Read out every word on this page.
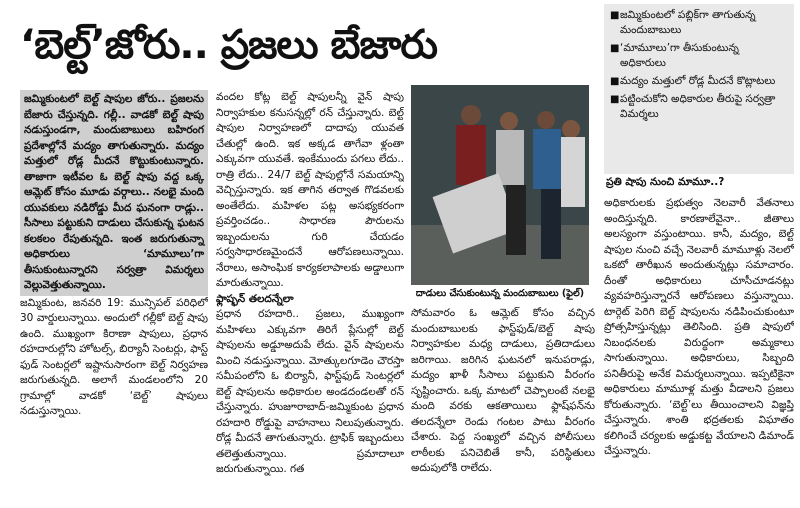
‘బెల్ట్’జోరు.. ప్రజలు బేజారు
■ జమ్మికుంటలో పబ్లిక్‌గా తాగుతున్న మందుబాబులు
■ ‘మామూలు’గా తీసుకుంటున్న అధికారులు
■ మద్యం మత్తులో రోడ్ల మీదనే కొట్లాటలు
■ పట్టించుకోని అధికారుల తీరుపై సర్వత్రా విమర్శలు

జమ్మికుంటలో బెల్ట్ షాపుల జోరు.. ప్రజలను బేజారు చేస్తున్నది. గల్లీ.. వాడకో బెల్ట్ షాపు నడుస్తుండగా, మందుబాబులు బహిరంగ ప్రదేశాల్లోనే మద్యం తాగుతున్నారు. మద్యం మత్తులో రోడ్ల మీదనే కొట్టుకుంటున్నారు. తాజాగా ఇటీవల ఓ బెల్ట్ షాపు వద్ద ఒక్క ఆమ్లెట్ కోసం మూడు వర్గాలు.. నలభై మంది యువకులు నడిరోడ్డు మీద ఘనంగా రాడ్లు.. సీసాలు పట్టుకుని దాడులు చేసుకున్న ఘటన కలకలం రేపుతున్నది. ఇంత జరుగుతున్నా అధికారులు ‘మామూలు’గా తీసుకుంటున్నారని సర్వత్రా విమర్శలు వెల్లువెత్తుతున్నాయి.

జమ్మికుంట, జనవరి 19: మున్సిపల్ పరిధిలో 30 వార్డులున్నాయి. అందులో గల్లీకో బెల్ట్ షాపు ఉంది. ముఖ్యంగా కిరాణా షాపులు, ప్రధాన రహదారుల్లోని హోటల్స్, బిర్యానీ సెంటర్లు, ఫాస్ట్ ఫుడ్ సెంటర్లలో ఇష్టానుసారంగా బెల్ట్ నిర్వహణ జరుగుతున్నది. అలాగే మండలంలోని 20 గ్రామాల్లో వాడకో ‘బెల్ట్’ షాపులు నడుస్తున్నాయి.

వందల కోట్ల బెల్ట్ షాపులన్నీ వైన్ షాపు నిర్వాహకుల కనుసన్నల్లో రన్ చేస్తున్నారు. బెల్ట్ షాపుల నిర్వాహణలో దాదాపు యువత చేతుల్లో ఉంది. ఇక అక్కడ తాగేవా ళ్లంతా ఎక్కువగా యువతే. ఇంకేముందు పగలు లేదు.. రాత్రి లేదు.. 24/7 బెల్ట్ షాపుల్లోనే సమయాన్ని వెచ్చిస్తున్నారు. ఇక తాగిన తర్వాత గొడవలకు అంతేలేదు. మహిళల పట్ల అసభ్యకరంగా ప్రవర్తించడం.. సాధారణ పౌరులను ఇబ్బందులను గురి చేయడం సర్వసాధారణమైందనే ఆరోపణలున్నాయి. నేరాలు, అసాంఘిక కార్యకలాపాలకు అడ్డాలుగా మారుతున్నాయి.

ఫ్లాష్ఫన్ తలదన్నేలా

ప్రధాన రహదారి.. ప్రజలు, ముఖ్యంగా మహిళలు ఎక్కువగా తిరిగే ప్లేసుల్లో బెల్ట్ షాపులను అడ్డూఅదుపే లేదు. వైన్ షాపులను మించి నడుస్తున్నాయి. మోత్కులగూడెం చౌరస్తా సమీపంలోని ఓ బిర్యానీ, ఫాస్ట్‌ఫుడ్ సెంటర్లలో బెల్ట్ షాపులను అధికారుల అండదండలతో రన్ చేస్తున్నారు. హుజూరాబాద్-జమ్మికుంట ప్రధాన రహదారి రోడ్డుపై వాహనాలు నిలుపుతున్నారు. రోడ్ల మీదనే తాగుతున్నారు. ట్రాఫిక్ ఇబ్బందులు తలెత్తుతున్నాయి. ప్రమాదాలూ జరుగుతున్నాయి. గత

దాడులు చేసుకుంటున్న మందుబాబులు (ఫైల్)

సోమవారం ఓ ఆమ్లెట్ కోసం వచ్చిన మందుబాబులకు ఫాస్ట్‌ఫుడ్/బెల్ట్ షాపు నిర్వాహకుల మధ్య దాడులు, ప్రతిదాడులు జరిగాయి. జరిగిన ఘటనలో ఇనుపరాడ్లు, మద్యం ఖాళీ సీసాలు పట్టుకుని వీరంగం సృష్టించారు. ఒక్క మాటలో చెప్పాలంటే నలభై మంది వరకు ఆకతాయిలు ఫ్లాష్‌ఫన్‌ను తలదన్నేలా రెండు గంటల పాటు వీరంగం చేశారు. పెద్ద సంఖ్యలో వచ్చిన పోలీసులు లాఠీలకు పనిచెబితే కానీ, పరిస్థితులు అదుపులోకి రాలేదు.

ప్రతి షాపు నుంచి మామూ..?

అధికారులకు ప్రభుత్వం నెలవారీ వేతనాలు అందిస్తున్నది. కారణాలేవైనా.. జీతాలు అలస్యంగా వస్తుంటాయి. కానీ, మద్యం, బెల్ట్ షాపుల నుంచి వచ్చే నెలవారీ మామూళ్లు నెలలో ఒకటో తారీఖున అందుతున్నట్లు సమాచారం. దీంతో అధికారులు చూసీచూడనట్లు వ్యవహరిస్తున్నారనే ఆరోపణలు వస్తున్నాయి. టార్గెట్ పెరిగి బెల్ట్ షాపులను నడిపించుకుంటూ ప్రోత్సహిస్తున్నట్లు తెలిసింది. ప్రతి షాపులో నిబంధనలకు విరుద్ధంగా అమ్మకాలు సాగుతున్నాయి. అధికారులు, సిబ్బంది పనితీరుపై అనేక విమర్శలున్నాయి. ఇప్పటికైనా అధికారులు మామూళ్ల మత్తు వీడాలని ప్రజలు కోరుతున్నారు. ‘బెల్ట్’లు తీయించాలని విజ్ఞప్తి చేస్తున్నారు. శాంతి భద్రతలకు విఘాతం కలిగించే చర్యలకు అడ్డుకట్ట వేయాలని డిమాండ్ చేస్తున్నారు.
